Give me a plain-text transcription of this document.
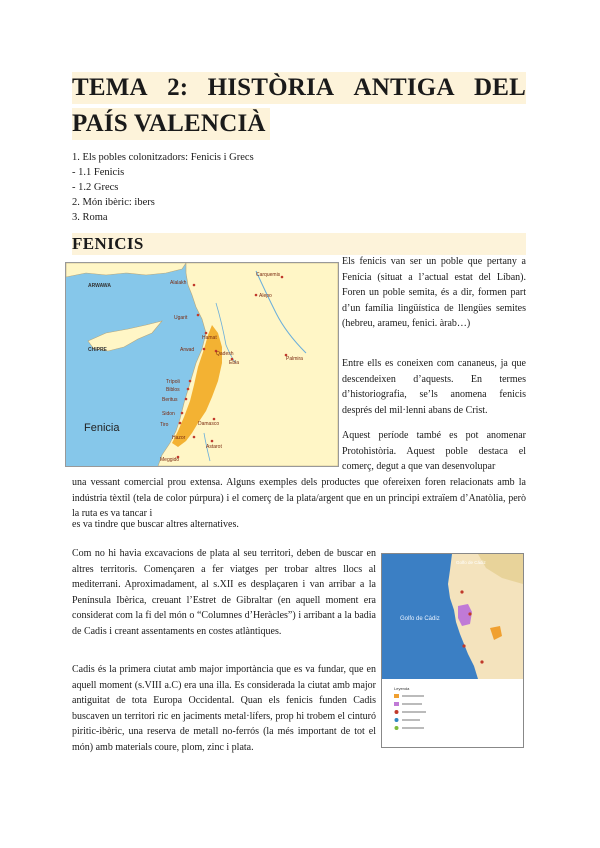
TEMA 2: HISTÒRIA ANTIGA DEL
PAÍS VALENCIÀ
1. Els pobles colonitzadors: Fenicis i Grecs
- 1.1 Fenicis
- 1.2 Grecs
2. Món ibèric: ibers
3. Roma
FENICIS
ARWAWA
CHIPRE
Carquemis
Alalakh
Alepo
Ugarit
Hamat
Arwad
Qadesh
Ebla
Palmira
Trípoli
Biblos
Beritus
Sidon
Tiro	Damasco
Hazor
Astarot
Meggido
Fenicia
Els fenicis van ser un poble que pertany a Fenícia (situat a l’actual estat del Líban). Foren un poble semita, és a dir, formen part d’un família lingüística de llengües semites (hebreu, arameu, fenici. àrab…)
Entre ells es coneixen com cananeus, ja que descendeixen d’aquests. En termes d’historiografia, se’ls anomena fenicis després del mil·lenni abans de Crist.
Aquest període també es pot anomenar Protohistòria. Aquest poble destaca el comerç, degut a que van desenvolupar
una vessant comercial prou extensa. Alguns exemples dels productes que ofereixen foren relacionats amb la indústria tèxtil (tela de color púrpura) i el comerç de la plata/argent que en un principi extraïem d’Anatòlia, però la ruta es va tancar i
es va tindre que buscar altres alternatives.
Com no hi havia excavacions de plata al seu territori, deben de buscar en altres territoris. Començaren a fer viatges per trobar altres llocs al mediterrani. Aproximadament, al s.XII es desplaçaren i van arribar a la Península Ibèrica, creuant l’Estret de Gibraltar (en aquell moment era considerat com la fi del món o “Columnes d’Heràcles”) i arribant a la badia de Cadis i creant assentaments en costes atlàntiques.
Cadis és la primera ciutat amb major importància que es va fundar, que en aquell moment (s.VIII a.C) era una illa. Es considerada la ciutat amb major antiguitat de tota Europa Occidental. Quan els fenicis funden Cadis buscaven un territori ric en jaciments metal·lífers, prop hi trobem el cinturó piritic-ibèric, una reserva de metall no-ferrós (la més important de tot el món) amb materials coure, plom, zinc i plata.
Golfo de Cádiz
Golfo de Cádiz
Leyenda
